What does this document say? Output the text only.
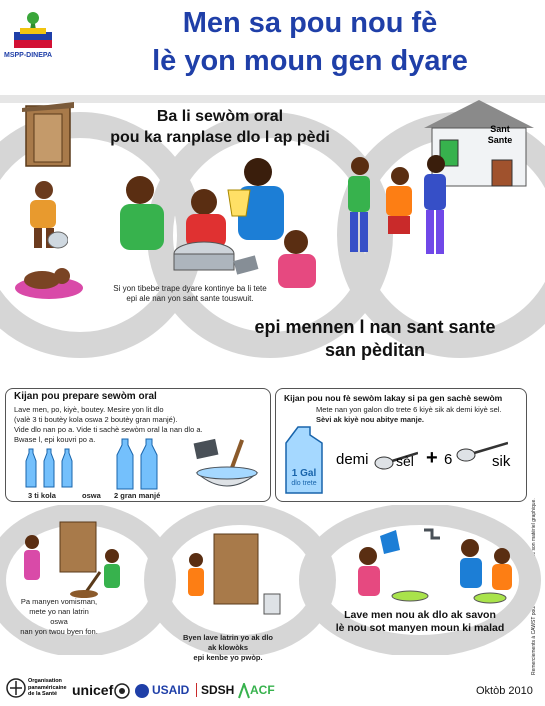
MSPP-DINEPA
Men sa pou nou fè
lè yon moun gen dyare
Ba li sewòm oral
pou ka ranplase dlo l ap pèdi
Si yon tibebe trape dyare kontinye ba li tete
epi ale nan yon sant sante touswuit.
Sant
Sante
epi mennen l nan sant sante
san pèditan
Kijan pou prepare sewòm oral
Lave men, po, kiyè, boutey. Mesire yon lit dlo
(valè 3 ti boutèy kola oswa 2 boutèy gran manjé).
Vide dlo nan po a. Vide ti sachè sewòm oral la nan dlo a.
Bwase l, epi kouvri po a.
3 ti kola	oswa 2 gran manjé
Kijan pou nou fè sewòm lakay si pa gen sachè sewòm
Mete nan yon galon dlo trete 6 kiyè sik ak demi kiyè sel.
Sèvi ak kiyè nou abitye manje.
1 Gal
dlo trete
demi sèl + 6	sik
Remerciements à CAWST pour la mise à disposition de son matériel graphique.
Pa manyen vomisman,
mete yo nan latrin
oswa
nan yon twou byen fon.
Byen lave latrin yo ak dlo
ak klowòks
epi kenbe yo pwòp.
Lave men nou ak dlo ak savon
lè nou sot manyen moun ki malad
Organisation
panaméricaine
de la Santé	unicef	USAID SDSH ACF	Oktòb 2010
